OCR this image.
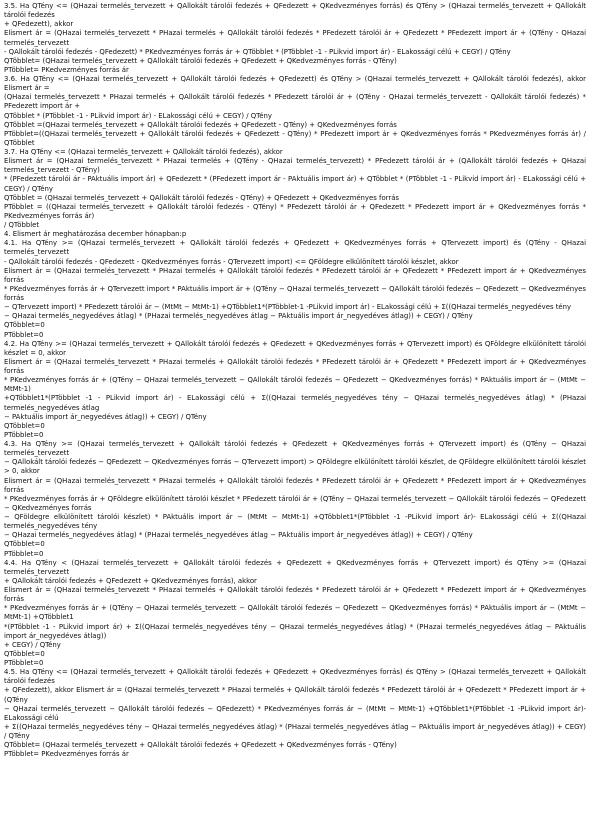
3.5. Ha QTény <= (QHazai termelés_tervezett + QAllokált tárolói fedezés + QFedezett + QKedvezményes forrás) és QTény > (QHazai termelés_tervezett + QAllokált tárolói fedezés

+ QFedezett), akkor

Elismert ár = (QHazai termelés_tervezett * PHazai termelés + QAllokált tárolói fedezés * PFedezett tárolói ár + QFedezett * PFedezett import ár + (QTény - QHazai termelés_tervezett

- QAllokált tárolói fedezés - QFedezett) * PKedvezményes forrás ár + QTöbblet * (PTöbblet -1 - PLikvid import ár) - ELakossági célú + CEGY) / QTény

QTöbblet= (QHazai termelés_tervezett + QAllokált tárolói fedezés + QFedezett + QKedvezményes forrás - QTény)

PTöbblet= PKedvezményes forrás ár

3.6. Ha QTény <= (QHazai termelés_tervezett + QAllokált tárolói fedezés + QFedezett) és QTény > (QHazai termelés_tervezett + QAllokált tárolói fedezés), akkor Elismert ár =

(QHazai termelés_tervezett * PHazai termelés + QAllokált tárolói fedezés * PFedezett tárolói ár + (QTény - QHazai termelés_tervezett - QAllokált tárolói fedezés) * PFedezett import ár +

QTöbblet * (PTöbblet -1 - PLikvid import ár) - ELakossági célú + CEGY) / QTény

QTöbblet =(QHazai termelés_tervezett + QAllokált tárolói fedezés + QFedezett - QTény) + QKedvezményes forrás

PTöbblet=((QHazai termelés_tervezett + QAllokált tárolói fedezés + QFedezett - QTény) * PFedezett import ár + QKedvezményes forrás * PKedvezményes forrás ár) / QTöbblet

3.7. Ha QTény <= (QHazai termelés_tervezett + QAllokált tárolói fedezés), akkor

Elismert ár = (QHazai termelés_tervezett * PHazai termelés + (QTény - QHazai termelés_tervezett) * PFedezett tárolói ár + (QAllokált tárolói fedezés + QHazai termelés_tervezett - QTény)

* (PFedezett tárolói ár - PAktuális import ár) + QFedezett * (PFedezett import ár - PAktuális import ár) + QTöbblet * (PTöbblet -1 - PLikvid import ár) - ELakossági célú + CEGY) / QTény

QTöbblet = (QHazai termelés_tervezett + QAllokált tárolói fedezés - QTény) + QFedezett + QKedvezményes forrás

PTöbblet = ((QHazai termelés_tervezett + QAllokált tárolói fedezés - QTény) * PFedezett tárolói ár + QFedezett * PFedezett import ár + QKedvezményes forrás * PKedvezményes forrás ár)

/ QTöbblet

4. Elismert ár meghatározása december hónapban:p

4.1. Ha QTény >= (QHazai termelés_tervezett + QAllokált tárolói fedezés + QFedezett + QKedvezményes forrás + QTervezett import) és (QTény - QHazai termelés_tervezett

- QAllokált tárolói fedezés - QFedezett - QKedvezményes forrás - QTervezett import) <= QFöldegre elkülönített tárolói készlet, akkor

Elismert ár = (QHazai termelés_tervezett * PHazai termelés + QAllokált tárolói fedezés * PFedezett tárolói ár + QFedezett * PFedezett import ár + QKedvezményes forrás

* PKedvezményes forrás ár + QTervezett import * PAktuális import ár + (QTény − QHazai termelés_tervezett − QAllokált tárolói fedezés − QFedezett − QKedvezményes forrás

− QTervezett import) * PFedezett tárolói ár − (MtMt − MtMt-1) +QTöbblet1*(PTöbblet-1 -PLikvid import ár) - ELakossági célú + Σ((QHazai termelés_negyedéves tény

− QHazai termelés_negyedéves átlag) * (PHazai termelés_negyedéves átlag − PAktuális import ár_negyedéves átlag)) + CEGY) / QTény

QTöbblet=0

PTöbblet=0

4.2. Ha QTény >= (QHazai termelés_tervezett + QAllokált tárolói fedezés + QFedezett + QKedvezményes forrás + QTervezett import) és QFöldegre elkülönített tárolói készlet = 0, akkor

Elismert ár = (QHazai termelés_tervezett * PHazai termelés + QAllokált tárolói fedezés * PFedezett tárolói ár + QFedezett * PFedezett import ár + QKedvezményes forrás

* PKedvezményes forrás ár + (QTény − QHazai termelés_tervezett − QAllokált tárolói fedezés − QFedezett − QKedvezményes forrás) * PAktuális import ár − (MtMt − MtMt-1)

+QTöbblet1*(PTöbblet -1 - PLikvid import ár) - ELakossági célú + Σ((QHazai termelés_negyedéves tény − QHazai termelés_negyedéves átlag) * (PHazai termelés_negyedéves átlag

− PAktuális import ár_negyedéves átlag)) + CEGY) / QTény

QTöbblet=0

PTöbblet=0

4.3. Ha QTény >= (QHazai termelés_tervezett + QAllokált tárolói fedezés + QFedezett + QKedvezményes forrás + QTervezett import) és (QTény − QHazai termelés_tervezett

− QAllokált tárolói fedezés − QFedezett − QKedvezményes forrás − QTervezett import) > QFöldegre elkülönített tárolói készlet, de QFöldegre elkülönített tárolói készlet > 0, akkor

Elismert ár = (QHazai termelés_tervezett * PHazai termelés + QAllokált tárolói fedezés * PFedezett tárolói ár + QFedezett * PFedezett import ár + QKedvezményes forrás

* PKedvezményes forrás ár + QFöldegre elkülönített tárolói készlet * PFedezett tárolói ár + (QTény − QHazai termelés_tervezett − QAllokált tárolói fedezés − QFedezett − QKedvezményes forrás

− QFöldegre elkülönített tárolói készlet) * PAktuális import ár − (MtMt − MtMt-1) +QTöbblet1*(PTöbblet -1 -PLikvid import ár)- ELakossági célú + Σ((QHazai termelés_negyedéves tény

− QHazai termelés_negyedéves átlag) * (PHazai termelés_negyedéves átlag − PAktuális import ár_negyedéves átlag)) + CEGY) / QTény

QTöbblet=0

PTöbblet=0

4.4. Ha QTény < (QHazai termelés_tervezett + QAllokált tárolói fedezés + QFedezett + QKedvezményes forrás + QTervezett import) és QTény >= (QHazai termelés_tervezett

+ QAllokált tárolói fedezés + QFedezett + QKedvezményes forrás), akkor

Elismert ár = (QHazai termelés_tervezett * PHazai termelés + QAllokált tárolói fedezés * PFedezett tárolói ár + QFedezett * PFedezett import ár + QKedvezményes forrás

* PKedvezményes forrás ár + (QTény − QHazai termelés_tervezett − QAllokált tárolói fedezés − QFedezett − QKedvezményes forrás) * PAktuális import ár − (MtMt − MtMt-1) +QTöbblet1

*(PTöbblet -1 - PLikvid import ár) + Σ((QHazai termelés_negyedéves tény − QHazai termelés_negyedéves átlag) * (PHazai termelés_negyedéves átlag − PAktuális import ár_negyedéves átlag))

+ CEGY) / QTény

QTöbblet=0

PTöbblet=0

4.5. Ha QTény <= (QHazai termelés_tervezett + QAllokált tárolói fedezés + QFedezett + QKedvezményes forrás) és QTény > (QHazai termelés_tervezett + QAllokált tárolói fedezés

+ QFedezett), akkor Elismert ár = (QHazai termelés_tervezett * PHazai termelés + QAllokált tárolói fedezés * PFedezett tárolói ár + QFedezett * PFedezett import ár + (QTény

− QHazai termelés_tervezett − QAllokált tárolói fedezés − QFedezett) * PKedvezményes forrás ár − (MtMt − MtMt-1) +QTöbblet1*(PTöbblet -1 -PLikvid import ár)- ELakossági célú

+ Σ((QHazai termelés_negyedéves tény − QHazai termelés_negyedéves átlag) * (PHazai termelés_negyedéves átlag − PAktuális import ár_negyedéves átlag)) + CEGY) / QTény

QTöbblet= (QHazai termelés_tervezett + QAllokált tárolói fedezés + QFedezett + QKedvezményes forrás - QTény)

PTöbblet= PKedvezményes forrás ár
